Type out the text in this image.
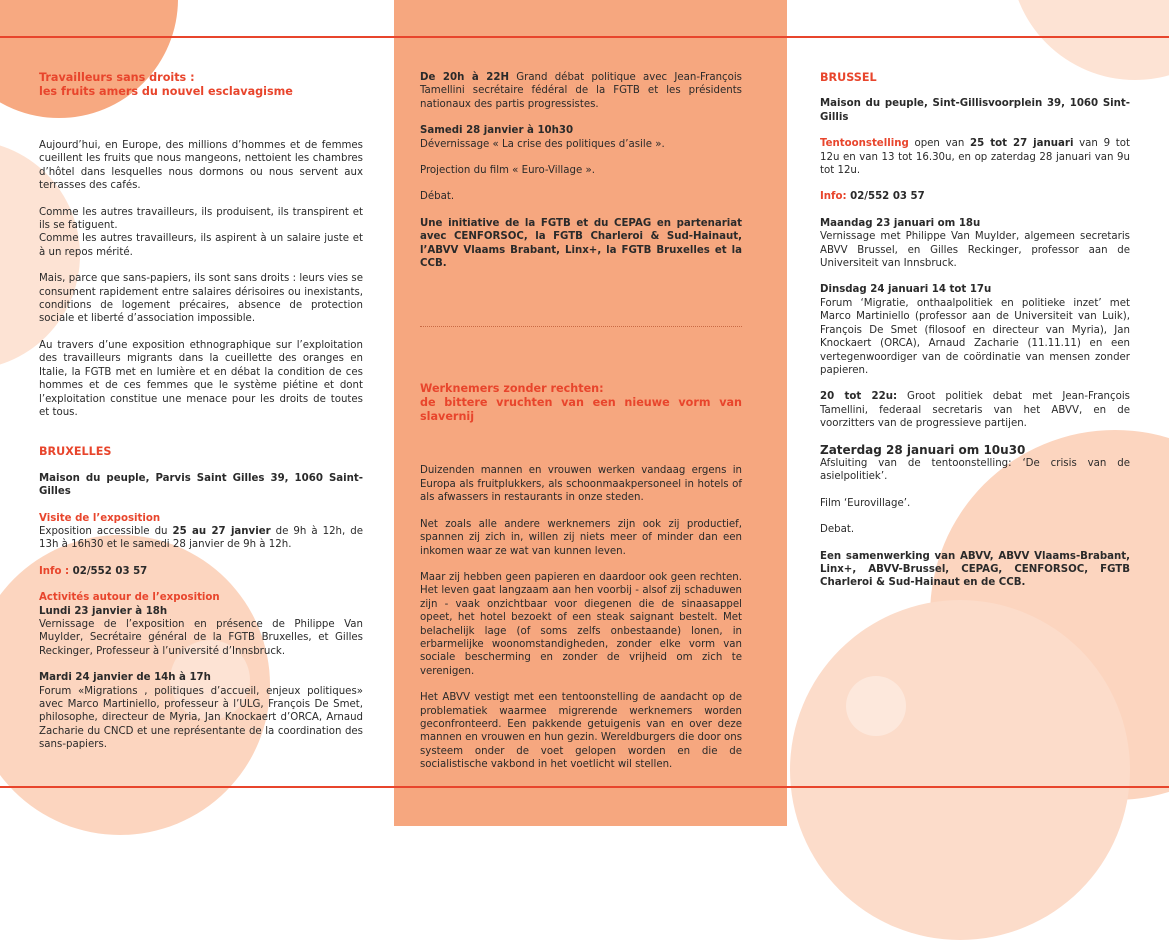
Travailleurs sans droits :
les fruits amers du nouvel esclavagisme

Aujourd’hui, en Europe, des millions d’hommes et de femmes cueillent les fruits que nous mangeons, nettoient les chambres d’hôtel dans lesquelles nous dormons ou nous servent aux terrasses des cafés.

Comme les autres travailleurs, ils produisent, ils transpirent et ils se fatiguent.
Comme les autres travailleurs, ils aspirent à un salaire juste et à un repos mérité.

Mais, parce que sans-papiers, ils sont sans droits : leurs vies se consument rapidement entre salaires dérisoires ou inexistants, conditions de logement précaires, absence de protection sociale et liberté d’association impossible.

Au travers d’une exposition ethnographique sur l’exploitation des travailleurs migrants dans la cueillette des oranges en Italie, la FGTB met en lumière et en débat la condition de ces hommes et de ces femmes que le système piétine et dont l’exploitation constitue une menace pour les droits de toutes et tous.

BRUXELLES

Maison du peuple, Parvis Saint Gilles 39, 1060 Saint-Gilles

Visite de l’exposition

Exposition accessible du 25 au 27 janvier de 9h à 12h, de 13h à 16h30 et le samedi 28 janvier de 9h à 12h.

Info : 02/552 03 57

Activités autour de l’exposition

Lundi 23 janvier à 18h

Vernissage de l’exposition en présence de Philippe Van Muylder, Secrétaire général de la FGTB Bruxelles, et Gilles Reckinger, Professeur à l’université d’Innsbruck.

Mardi 24 janvier de 14h à 17h

Forum «Migrations , politiques d’accueil, enjeux politiques» avec Marco Martiniello, professeur à l’ULG, François De Smet, philosophe, directeur de Myria, Jan Knockaert d’ORCA, Arnaud Zacharie du CNCD et une représentante de la coordination des sans-papiers.

De 20h à 22H Grand débat politique avec Jean-François Tamellini secrétaire fédéral de la FGTB et les présidents nationaux des partis progressistes.

Samedi 28 janvier à 10h30

Dévernissage « La crise des politiques d’asile ».

Projection du film « Euro-Village ».

Débat.

Une initiative de la FGTB et du CEPAG en partenariat avec CENFORSOC, la FGTB Charleroi & Sud-Hainaut, l’ABVV Vlaams Brabant, Linx+, la FGTB Bruxelles et la CCB.

Werknemers zonder rechten:
de bittere vruchten van een nieuwe vorm van slavernij

Duizenden mannen en vrouwen werken vandaag ergens in Europa als fruitplukkers, als schoonmaakpersoneel in hotels of als afwassers in restaurants in onze steden.

Net zoals alle andere werknemers zijn ook zij productief, spannen zij zich in, willen zij niets meer of minder dan een inkomen waar ze wat van kunnen leven.

Maar zij hebben geen papieren en daardoor ook geen rechten. Het leven gaat langzaam aan hen voorbij - alsof zij schaduwen zijn - vaak onzichtbaar voor diegenen die de sinaasappel opeet, het hotel bezoekt of een steak saignant bestelt. Met belachelijk lage (of soms zelfs onbestaande) lonen, in erbarmelijke woonomstandigheden, zonder elke vorm van sociale bescherming en zonder de vrijheid om zich te verenigen.

Het ABVV vestigt met een tentoonstelling de aandacht op de problematiek waarmee migrerende werknemers worden geconfronteerd. Een pakkende getuigenis van en over deze mannen en vrouwen en hun gezin. Wereldburgers die door ons systeem onder de voet gelopen worden en die de socialistische vakbond in het voetlicht wil stellen.

BRUSSEL

Maison du peuple, Sint-Gillisvoorplein 39, 1060 Sint-Gillis

Tentoonstelling open van 25 tot 27 januari van 9 tot 12u en van 13 tot 16.30u, en op zaterdag 28 januari van 9u tot 12u.

Info: 02/552 03 57

Maandag 23 januari om 18u

Vernissage met Philippe Van Muylder, algemeen secretaris ABVV Brussel, en Gilles Reckinger, professor aan de Universiteit van Innsbruck.

Dinsdag 24 januari 14 tot 17u

Forum ‘Migratie, onthaalpolitiek en politieke inzet’ met Marco Martiniello (professor aan de Universiteit van Luik), François De Smet (filosoof en directeur van Myria), Jan Knockaert (ORCA), Arnaud Zacharie (11.11.11) en een vertegenwoordiger van de coördinatie van mensen zonder papieren.

20 tot 22u: Groot politiek debat met Jean-François Tamellini, federaal secretaris van het ABVV, en de voorzitters van de progressieve partijen.

Zaterdag 28 januari om 10u30

Afsluiting van de tentoonstelling: ‘De crisis van de asielpolitiek’.

Film ‘Eurovillage’.

Debat.

Een samenwerking van ABVV, ABVV Vlaams-Brabant, Linx+, ABVV-Brussel, CEPAG, CENFORSOC, FGTB Charleroi & Sud-Hainaut en de CCB.
